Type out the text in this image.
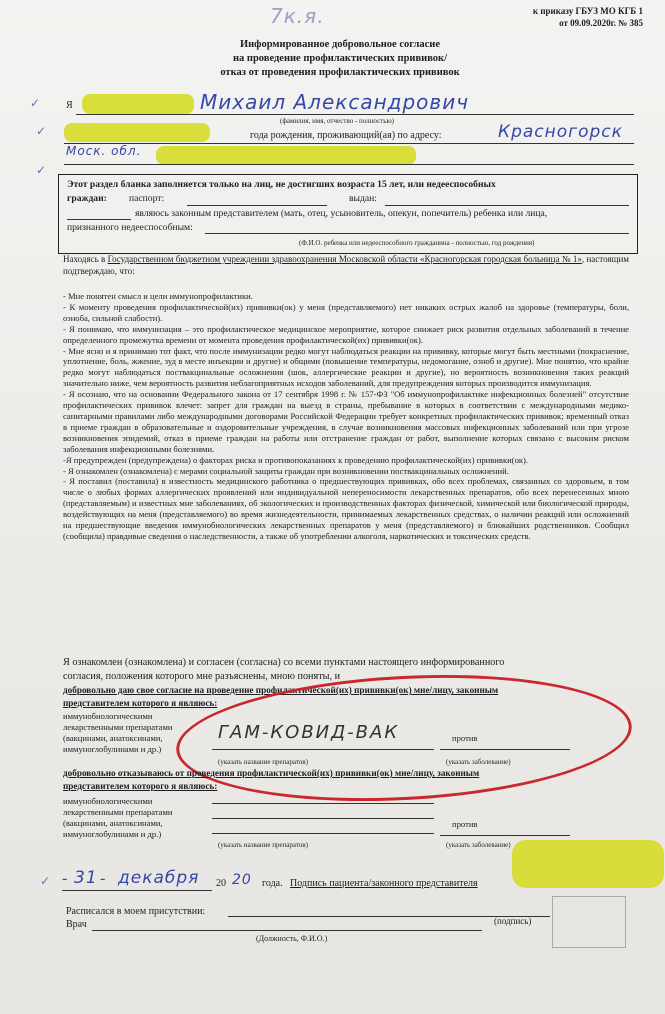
к приказу ГБУЗ МО КГБ 1
от 09.09.2020г. № 385
7к.я.
Информированное добровольное согласие
на проведение профилактических прививок/
отказ от проведения профилактических прививок
✓
✓
✓
Я	Михаил Александрович
(фамилия, имя, отчество - полностью)
года рождения, проживающий(ая) по адресу:	Красногорск
Моск. обл.
Этот раздел бланка заполняется только на лиц, не достигших возраста 15 лет, или недееспособных
граждан: паспорт:	выдан:
являюсь законным представителем (мать, отец, усыновитель, опекун, попечитель) ребенка или лица,
признанного недееспособным:
(Ф.И.О. ребенка или недееспособного гражданина - полностью, год рождения)
Находясь в Государственном бюджетном учреждении здравоохранения Московской области «Красногорская городская больница № 1», настоящим подтверждаю, что:

- Мне понятен смысл и цели иммунопрофилактики.

- К моменту проведения профилактической(их) прививки(ок) у меня (представляемого) нет никаких острых жалоб на здоровье (температуры, боли, озноба, сильной слабости).

- Я понимаю, что иммунизация – это профилактическое медицинское мероприятие, которое снижает риск развития отдельных заболеваний в течение определенного промежутка времени от момента проведения профилактической(их) прививки(ок).

- Мне ясно и я принимаю тот факт, что после иммунизации редко могут наблюдаться реакции на прививку, которые могут быть местными (покраснение, уплотнение, боль, жжение, зуд в месте инъекции и другие) и общими (повышение температуры, недомогание, озноб и другие). Мне понятно, что крайне редко могут наблюдаться поствакцинальные осложнения (шок, аллергические реакции и другие), но вероятность возникновения таких реакций значительно ниже, чем вероятность развития неблагоприятных исходов заболеваний, для предупреждения которых производится иммунизация.

- Я осознаю, что на основании Федерального закона от 17 сентября 1998 г. № 157-ФЗ "Об иммунопрофилактике инфекционных болезней" отсутствие профилактических прививок влечет: запрет для граждан на выезд в страны, пребывание в которых в соответствии с международными медико-санитарными правилами либо международными договорами Российской Федерации требует конкретных профилактических прививок; временный отказ в приеме граждан в образовательные и оздоровительные учреждения, в случае возникновения массовых инфекционных заболеваний или при угрозе возникновения эпидемий, отказ в приеме граждан на работы или отстранение граждан от работ, выполнение которых связано с высоким риском заболевания инфекционными болезнями.

-Я предупрежден (предупреждена) о факторах риска и противопоказаниях к проведению профилактической(их) прививки(ок).

- Я ознакомлен (ознакомлена) с мерами социальной защиты граждан при возникновении поствакцинальных осложнений.

- Я поставил (поставила) в известность медицинского работника о предшествующих прививках, обо всех проблемах, связанных со здоровьем, в том числе о любых формах аллергических проявлений или индивидуальной непереносимости лекарственных препаратов, обо всех перенесенных мною (представляемым) и известных мне заболеваниях, об экологических и производственных факторах физической, химической или биологической природы, воздействующих на меня (представляемого) во время жизнедеятельности, принимаемых лекарственных средствах, о наличии реакций или осложнений на предшествующие введения иммунобиологических лекарственных препаратов у меня (представляемого) и ближайших родственников. Сообщил (сообщила) правдивые сведения о наследственности, а также об употреблении алкоголя, наркотических и токсических средств.

Я ознакомлен (ознакомлена) и согласен (согласна) со всеми пунктами настоящего информированного
согласия, положения которого мне разъяснены, мною поняты, и
добровольно даю свое согласие на проведение профилактической(их) прививки(ок) мне/лицу, законным
представителем которого я являюсь:
иммунобиологическими
лекарственными препаратами
(вакцинами, анатоксинами,
иммуноглобулинами и др.)
ГАМ-КОВИД-ВАК	против
(указать название препаратов)	(указать заболевание)
добровольно отказываюсь от проведения профилактической(их) прививки(ок) мне/лицу, законным
представителем которого я являюсь:
иммунобиологическими
лекарственными препаратами
(вакцинами, анатоксинами,
иммуноглобулинами и др.)
против
(указать название препаратов)	(указать заболевание)
✓ - 31 - декабря 20 20 года. Подпись пациента/законного представителя
Расписался в моем присутствии:
Врач	(подпись)
(Должность, Ф.И.О.)
